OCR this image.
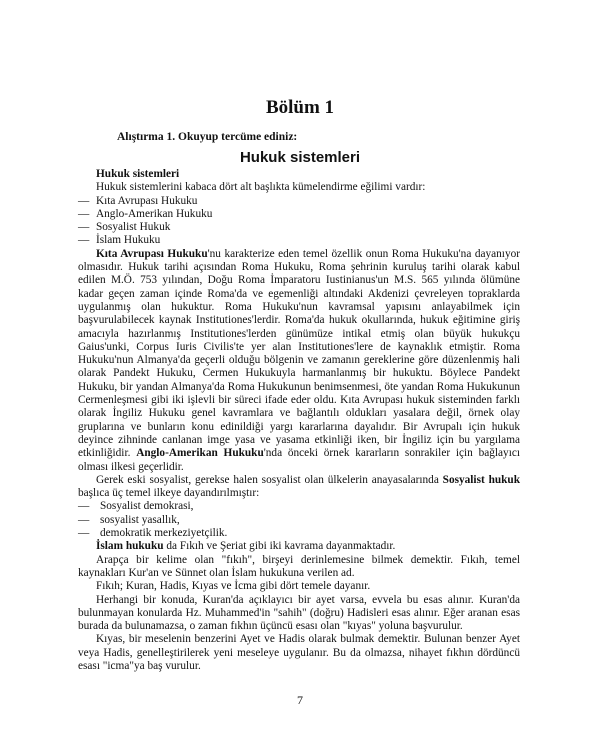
Bölüm 1
Alıştırma 1. Okuyup tercüme ediniz:
Hukuk sistemleri
Hukuk sistemleri
Hukuk sistemlerini kabaca dört alt başlıkta kümelendirme eğilimi vardır:
— Kıta Avrupası Hukuku
— Anglo-Amerikan Hukuku
— Sosyalist Hukuk
— İslam Hukuku

Kıta Avrupası Hukuku'nu karakterize eden temel özellik onun Roma Hukuku'na dayanıyor olmasıdır. Hukuk tarihi açısından Roma Hukuku, Roma şehrinin kuruluş tarihi olarak kabul edilen M.Ö. 753 yılından, Doğu Roma İmparatoru Iustinianus'un M.S. 565 yılında ölümüne kadar geçen zaman içinde Roma'da ve egemenliği altındaki Akdenizi çevreleyen topraklarda uygulanmış olan hukuktur. Roma Hukuku'nun kavramsal yapısını anlayabilmek için başvurulabilecek kaynak Institutiones'lerdir. Roma'da hukuk okullarında, hukuk eğitimine giriş amacıyla hazırlanmış Institutiones'lerden günümüze intikal etmiş olan büyük hukukçu Gaius'unki, Corpus Iuris Civilis'te yer alan Institutiones'lere de kaynaklık etmiştir. Roma Hukuku'nun Almanya'da geçerli olduğu bölgenin ve zamanın gereklerine göre düzenlenmiş hali olarak Pandekt Hukuku, Cermen Hukukuyla harmanlanmış bir hukuktu. Böylece Pandekt Hukuku, bir yandan Almanya'da Roma Hukukunun benimsenmesi, öte yandan Roma Hukukunun Cermenleşmesi gibi iki işlevli bir süreci ifade eder oldu. Kıta Avrupası hukuk sisteminden farklı olarak İngiliz Hukuku genel kavramlara ve bağlantılı oldukları yasalara değil, örnek olay gruplarına ve bunların konu edinildiği yargı kararlarına dayalıdır. Bir Avrupalı için hukuk deyince zihninde canlanan imge yasa ve yasama etkinliği iken, bir İngiliz için bu yargılama etkinliğidir. Anglo-Amerikan Hukuku'nda önceki örnek kararların sonrakiler için bağlayıcı olması ilkesi geçerlidir.

Gerek eski sosyalist, gerekse halen sosyalist olan ülkelerin anayasalarında Sosyalist hukuk başlıca üç temel ilkeye dayandırılmıştır:

— Sosyalist demokrasi,
— sosyalist yasallık,
— demokratik merkeziyetçilik.

İslam hukuku da Fıkıh ve Şeriat gibi iki kavrama dayanmaktadır.

Arapça bir kelime olan "fıkıh", birşeyi derinlemesine bilmek demektir. Fıkıh, temel kaynakları Kur'an ve Sünnet olan İslam hukukuna verilen ad.

Fıkıh; Kuran, Hadis, Kıyas ve İcma gibi dört temele dayanır.

Herhangi bir konuda, Kuran'da açıklayıcı bir ayet varsa, evvela bu esas alınır. Kuran'da bulunmayan konularda Hz. Muhammed'in "sahih" (doğru) Hadisleri esas alınır. Eğer aranan esas burada da bulunamazsa, o zaman fıkhın üçüncü esası olan "kıyas" yoluna başvurulur.

Kıyas, bir meselenin benzerini Ayet ve Hadis olarak bulmak demektir. Bulunan benzer Ayet veya Hadis, genelleştirilerek yeni meseleye uygulanır. Bu da olmazsa, nihayet fıkhın dördüncü esası "icma"ya baş vurulur.

7
